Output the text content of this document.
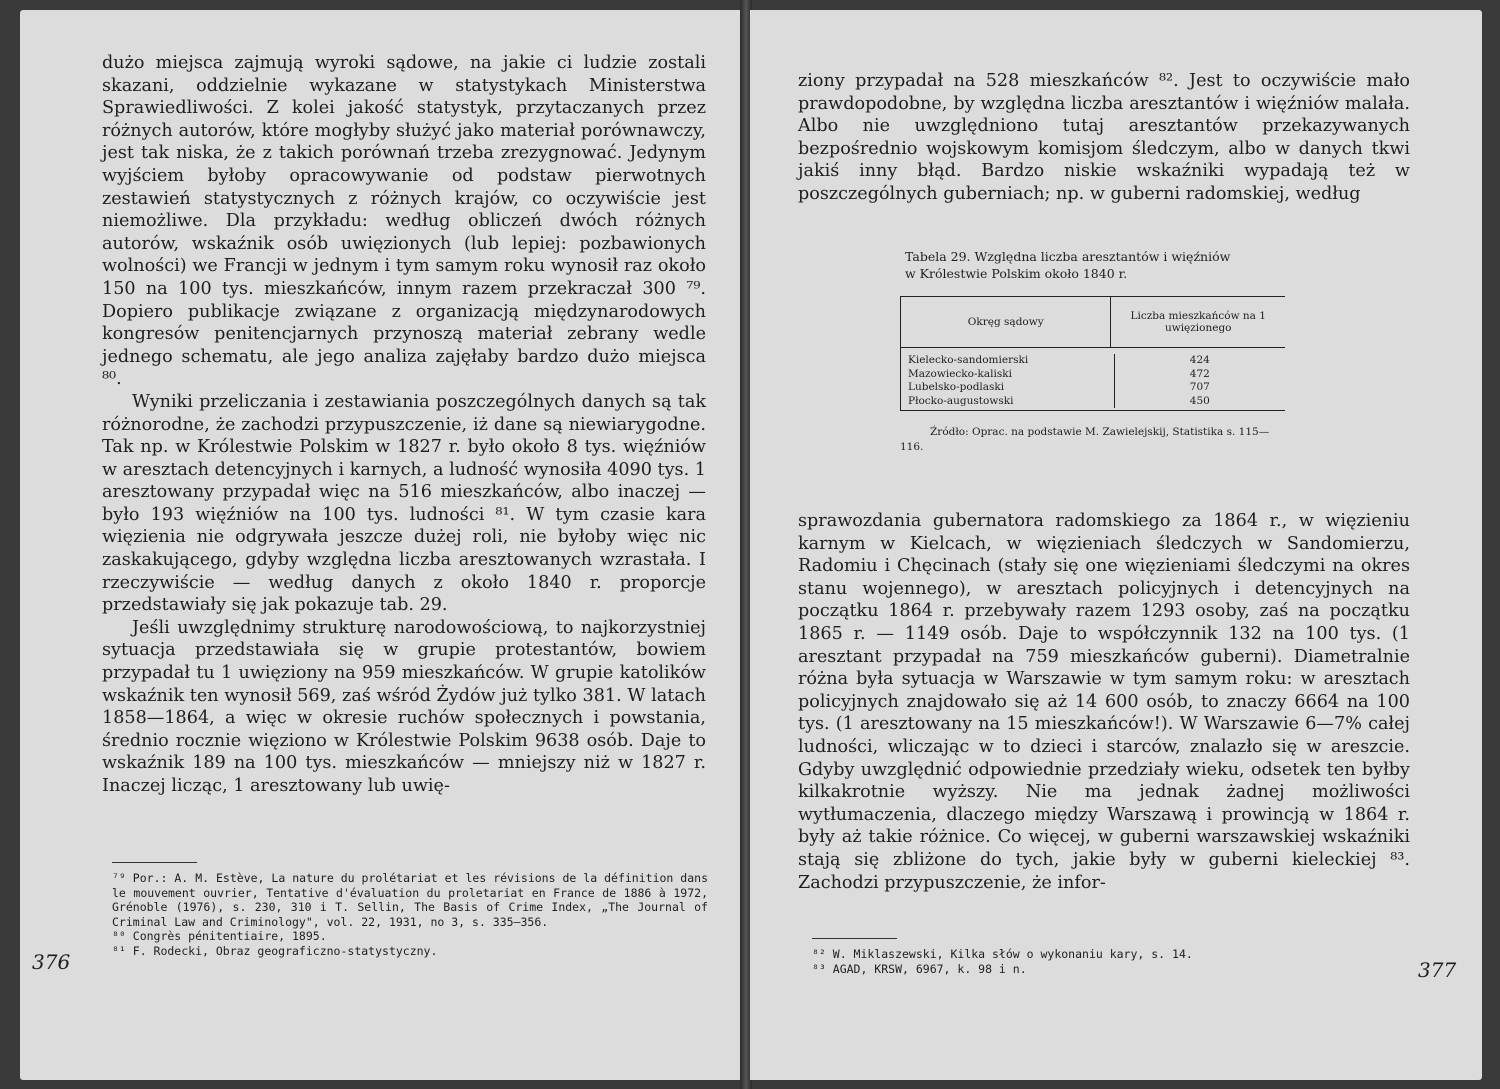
dużo miejsca zajmują wyroki sądowe, na jakie ci ludzie zostali skazani, oddzielnie wykazane w statystykach Ministerstwa Sprawiedliwości. Z kolei jakość statystyk, przytaczanych przez różnych autorów, które mogłyby służyć jako materiał porównawczy, jest tak niska, że z takich porównań trzeba zrezygnować. Jedynym wyjściem byłoby opracowywanie od podstaw pierwotnych zestawień statystycznych z różnych krajów, co oczywiście jest niemożliwe. Dla przykładu: według obliczeń dwóch różnych autorów, wskaźnik osób uwięzionych (lub lepiej: pozbawionych wolności) we Francji w jednym i tym samym roku wynosił raz około 150 na 100 tys. mieszkańców, innym razem przekraczał 300 ⁷⁹. Dopiero publikacje związane z organizacją międzynarodowych kongresów penitencjarnych przynoszą materiał zebrany wedle jednego schematu, ale jego analiza zajęłaby bardzo dużo miejsca ⁸⁰.

Wyniki przeliczania i zestawiania poszczególnych danych są tak różnorodne, że zachodzi przypuszczenie, iż dane są niewiarygodne. Tak np. w Królestwie Polskim w 1827 r. było około 8 tys. więźniów w aresztach detencyjnych i karnych, a ludność wynosiła 4090 tys. 1 aresztowany przypadał więc na 516 mieszkańców, albo inaczej — było 193 więźniów na 100 tys. ludności ⁸¹. W tym czasie kara więzienia nie odgrywała jeszcze dużej roli, nie byłoby więc nic zaskakującego, gdyby względna liczba aresztowanych wzrastała. I rzeczywiście — według danych z około 1840 r. proporcje przedstawiały się jak pokazuje tab. 29.

Jeśli uwzględnimy strukturę narodowościową, to najkorzystniej sytuacja przedstawiała się w grupie protestantów, bowiem przypadał tu 1 uwięziony na 959 mieszkańców. W grupie katolików wskaźnik ten wynosił 569, zaś wśród Żydów już tylko 381. W latach 1858—1864, a więc w okresie ruchów społecznych i powstania, średnio rocznie więziono w Królestwie Polskim 9638 osób. Daje to wskaźnik 189 na 100 tys. mieszkańców — mniejszy niż w 1827 r. Inaczej licząc, 1 aresztowany lub uwię-

⁷⁹ Por.: A. M. Estève, La nature du prolétariat et les révisions de la définition dans le mouvement ouvrier, Tentative d'évaluation du proletariat en France de 1886 à 1972, Grénoble (1976), s. 230, 310 i T. Sellin, The Basis of Crime Index, „The Journal of Criminal Law and Criminology", vol. 22, 1931, no 3, s. 335—356.

⁸⁰ Congrès pénitentiaire, 1895.

⁸¹ F. Rodecki, Obraz geograficzno-statystyczny.

376

ziony przypadał na 528 mieszkańców ⁸². Jest to oczywiście mało prawdopodobne, by względna liczba aresztantów i więźniów malała. Albo nie uwzględniono tutaj aresztantów przekazywanych bezpośrednio wojskowym komisjom śledczym, albo w danych tkwi jakiś inny błąd. Bardzo niskie wskaźniki wypadają też w poszczególnych guberniach; np. w guberni radomskiej, według

Tabela 29. Względna liczba aresztantów i więźniów
w Królestwie Polskim około 1840 r.
Okręg sądowy	Liczba mieszkańców na 1 uwięzionego
Kielecko-sandomierski
Mazowiecko-kaliski
Lubelsko-podlaski
Płocko-augustowski
424
472
707
450
Źródło: Oprac. na podstawie M. Zawielejskij, Statistika s. 115—116.

sprawozdania gubernatora radomskiego za 1864 r., w więzieniu karnym w Kielcach, w więzieniach śledczych w Sandomierzu, Radomiu i Chęcinach (stały się one więzieniami śledczymi na okres stanu wojennego), w aresztach policyjnych i detencyjnych na początku 1864 r. przebywały razem 1293 osoby, zaś na początku 1865 r. — 1149 osób. Daje to współczynnik 132 na 100 tys. (1 aresztant przypadał na 759 mieszkańców guberni). Diametralnie różna była sytuacja w Warszawie w tym samym roku: w aresztach policyjnych znajdowało się aż 14 600 osób, to znaczy 6664 na 100 tys. (1 aresztowany na 15 mieszkańców!). W Warszawie 6—7% całej ludności, wliczając w to dzieci i starców, znalazło się w areszcie. Gdyby uwzględnić odpowiednie przedziały wieku, odsetek ten byłby kilkakrotnie wyższy. Nie ma jednak żadnej możliwości wytłumaczenia, dlaczego między Warszawą i prowincją w 1864 r. były aż takie różnice. Co więcej, w guberni warszawskiej wskaźniki stają się zbliżone do tych, jakie były w guberni kieleckiej ⁸³. Zachodzi przypuszczenie, że infor-

⁸² W. Miklaszewski, Kilka słów o wykonaniu kary, s. 14.

⁸³ AGAD, KRSW, 6967, k. 98 i n.	377
